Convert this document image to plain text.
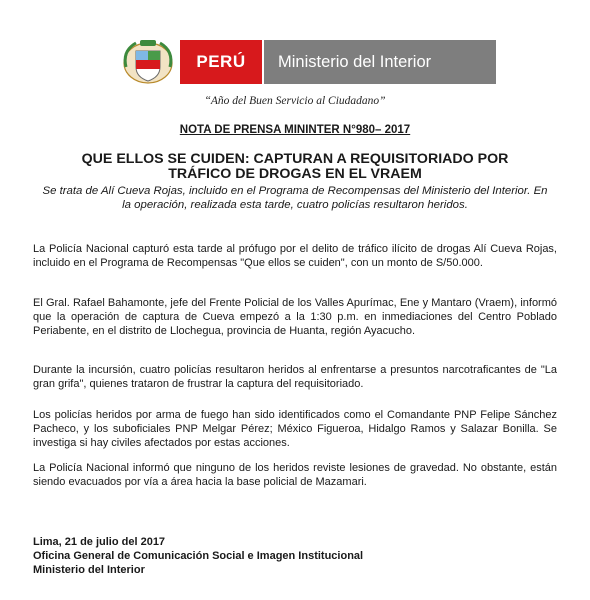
PERÚ	Ministerio del Interior
“Año del Buen Servicio al Ciudadano”
NOTA DE PRENSA MININTER N°980– 2017
QUE ELLOS SE CUIDEN: CAPTURAN A REQUISITORIADO POR TRÁFICO DE DROGAS EN EL VRAEM
Se trata de Alí Cueva Rojas, incluido en el Programa de Recompensas del Ministerio del Interior. En la operación, realizada esta tarde, cuatro policías resultaron heridos.
La Policía Nacional capturó esta tarde al prófugo por el delito de tráfico ilícito de drogas Alí Cueva Rojas, incluido en el Programa de Recompensas "Que ellos se cuiden", con un monto de S/50.000.
El Gral. Rafael Bahamonte, jefe del Frente Policial de los Valles Apurímac, Ene y Mantaro (Vraem), informó que la operación de captura de Cueva empezó a la 1:30 p.m. en inmediaciones del Centro Poblado Periabente, en el distrito de Llochegua, provincia de Huanta, región Ayacucho.
Durante la incursión, cuatro policías resultaron heridos al enfrentarse a presuntos narcotraficantes de "La gran grifa", quienes trataron de frustrar la captura del requisitoriado.
Los policías heridos por arma de fuego han sido identificados como el Comandante PNP Felipe Sánchez Pacheco, y los suboficiales PNP Melgar Pérez; México Figueroa, Hidalgo Ramos y Salazar Bonilla. Se investiga si hay civiles afectados por estas acciones.
La Policía Nacional informó que ninguno de los heridos reviste lesiones de gravedad. No obstante, están siendo evacuados por vía a área hacia la base policial de Mazamari.
Lima, 21 de julio del 2017
Oficina General de Comunicación Social e Imagen Institucional
Ministerio del Interior
